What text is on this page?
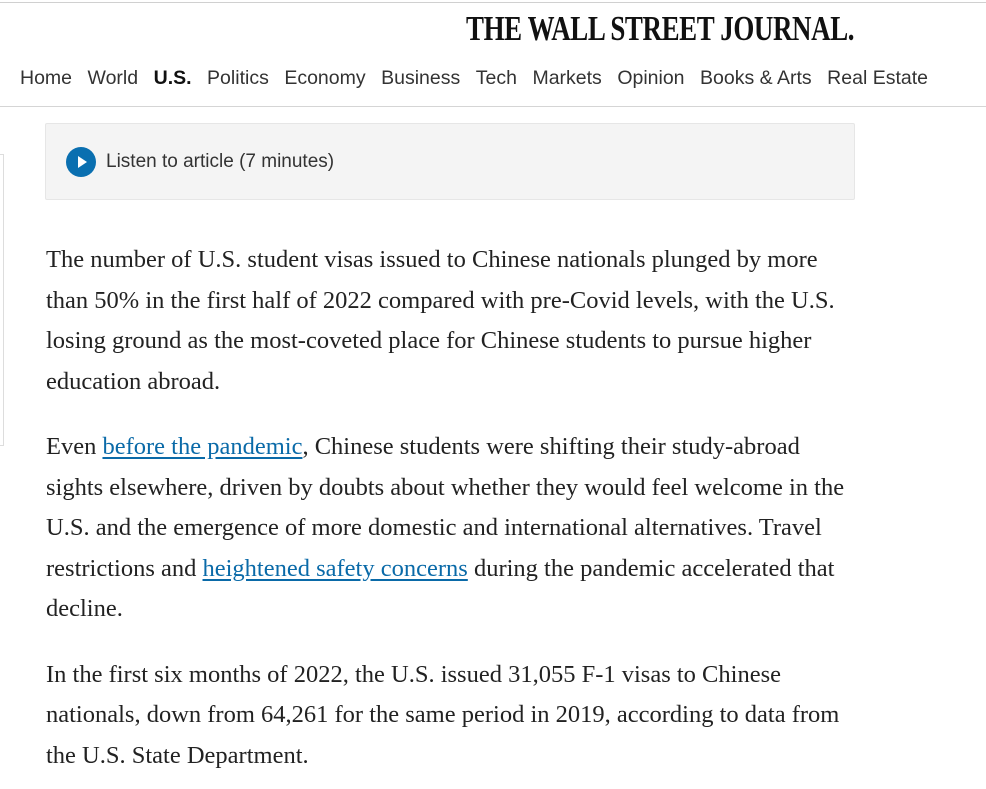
THE WALL STREET JOURNAL.
Home World U.S. Politics Economy Business Tech Markets Opinion Books & Arts Real Estate
Listen to article (7 minutes)

The number of U.S. student visas issued to Chinese nationals plunged by more than 50% in the first half of 2022 compared with pre-Covid levels, with the U.S. losing ground as the most-coveted place for Chinese students to pursue higher education abroad.

Even before the pandemic, Chinese students were shifting their study-abroad sights elsewhere, driven by doubts about whether they would feel welcome in the U.S. and the emergence of more domestic and international alternatives. Travel restrictions and heightened safety concerns during the pandemic accelerated that decline.

In the first six months of 2022, the U.S. issued 31,055 F-1 visas to Chinese nationals, down from 64,261 for the same period in 2019, according to data from the U.S. State Department.
